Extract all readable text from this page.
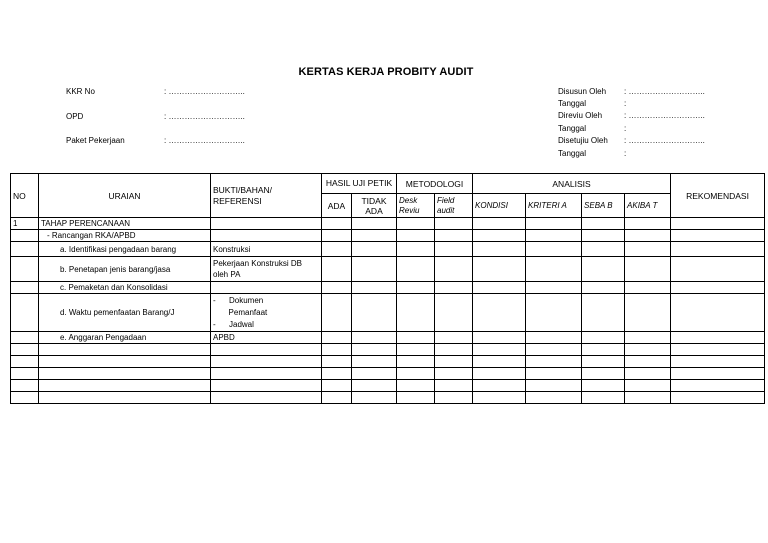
KERTAS KERJA PROBITY AUDIT
KKR No	: ………………………..
OPD	: ………………………..
Paket Pekerjaan	: ………………………..
Disusun Oleh : ………………………..
Tanggal	:
Direviu Oleh	: ………………………..
Tanggal	:
Disetujiu Oleh : ………………………..
Tanggal	:
NO	URAIAN	BUKTI/BAHAN/ REFERENSI	HASIL UJI PETIK		METODOLOGI		ANALISIS				REKOMENDASI
			ADA	TIDAK ADA	Desk Reviu	Field audit	KONDISI	KRITERI A	SEBA B	AKIBA T	
1	TAHAP PERENCANAAN										
	- Rancangan RKA/APBD										
	a. Identifikasi pengadaan barang	Konstruksi									
	b. Penetapan jenis barang/jasa	Pekerjaan Konstruksi DB oleh PA									
	c. Pemaketan dan Konsolidasi										
	d. Waktu pemenfaatan Barang/J	-      Dokumen
Pemanfaat
-      Jadwal									

	e. Anggaran Pengadaan	APBD									
